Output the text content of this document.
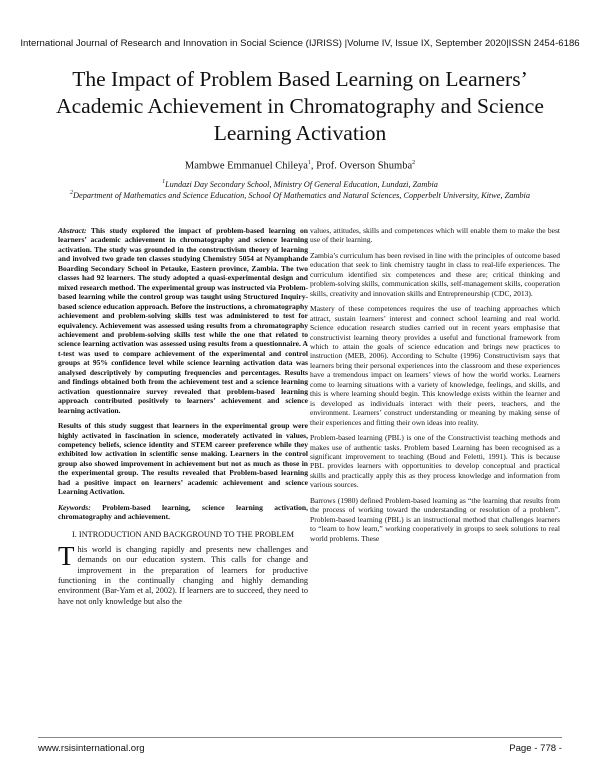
International Journal of Research and Innovation in Social Science (IJRISS) |Volume IV, Issue IX, September 2020|ISSN 2454-6186
The Impact of Problem Based Learning on Learners’ Academic Achievement in Chromatography and Science Learning Activation
Mambwe Emmanuel Chileya$^1$, Prof. Overson Shumba$^2$
$^1$Lundazi Day Secondary School, Ministry Of General Education, Lundazi, Zambia
$^2$Department of Mathematics and Science Education, School Of Mathematics and Natural Sciences, Copperbelt University, Kitwe, Zambia

Abstract: This study explored the impact of problem-based learning on learners’ academic achievement in chromatography and science learning activation. The study was grounded in the constructivism theory of learning and involved two grade ten classes studying Chemistry 5054 at Nyamphande Boarding Secondary School in Petauke, Eastern province, Zambia. The two classes had 92 learners. The study adopted a quasi-experimental design and mixed research method. The experimental group was instructed via Problem-based learning while the control group was taught using Structured Inquiry-based science education approach. Before the instructions, a chromatography achievement and problem-solving skills test was administered to test for equivalency. Achievement was assessed using results from a chromatography achievement and problem-solving skills test while the one that related to science learning activation was assessed using results from a questionnaire. A t-test was used to compare achievement of the experimental and control groups at 95% confidence level while science learning activation data was analysed descriptively by computing frequencies and percentages. Results and findings obtained both from the achievement test and a science learning activation questionnaire survey revealed that problem-based learning approach contributed positively to learners’ achievement and science learning activation.

Results of this study suggest that learners in the experimental group were highly activated in fascination in science, moderately activated in values, competency beliefs, science identity and STEM career preference while they exhibited low activation in scientific sense making. Learners in the control group also showed improvement in achievement but not as much as those in the experimental group. The results revealed that Problem-based learning had a positive impact on learners’ academic achievement and science Learning Activation.

Keywords: Problem-based learning, science learning activation, chromatography and achievement.

I. INTRODUCTION AND BACKGROUND TO THE PROBLEM

This world is changing rapidly and presents new challenges and demands on our education system. This calls for change and improvement in the preparation of learners for productive functioning in the continually changing and highly demanding environment (Bar-Yam et al, 2002). If learners are to succeed, they need to have not only knowledge but also the

values, attitudes, skills and competences which will enable them to make the best use of their learning.

Zambia’s curriculum has been revised in line with the principles of outcome based education that seek to link chemistry taught in class to real-life experiences. The curriculum identified six competences and these are; critical thinking and problem-solving skills, communication skills, self-management skills, cooperation skills, creativity and innovation skills and Entrepreneurship (CDC, 2013).

Mastery of these competences requires the use of teaching approaches which attract, sustain learners’ interest and connect school learning and real world. Science education research studies carried out in recent years emphasise that constructivist learning theory provides a useful and functional framework from which to attain the goals of science education and brings new practices to instruction (MEB, 2006). According to Schulte (1996) Constructivism says that learners bring their personal experiences into the classroom and these experiences have a tremendous impact on learners’ views of how the world works. Learners come to learning situations with a variety of knowledge, feelings, and skills, and this is where learning should begin. This knowledge exists within the learner and is developed as individuals interact with their peers, teachers, and the environment. Learners’ construct understanding or meaning by making sense of their experiences and fitting their own ideas into reality.

Problem-based learning (PBL) is one of the Constructivist teaching methods and makes use of authentic tasks. Problem based Learning has been recognised as a significant improvement to teaching (Boud and Feletti, 1991). This is because PBL provides learners with opportunities to develop conceptual and practical skills and practically apply this as they process knowledge and information from various sources.

Barrows (1980) defined Problem-based learning as “the learning that results from the process of working toward the understanding or resolution of a problem”. Problem-based learning (PBL) is an instructional method that challenges learners to “learn to how learn,” working cooperatively in groups to seek solutions to real world problems. These

www.rsisinternational.org	Page - 778 -
